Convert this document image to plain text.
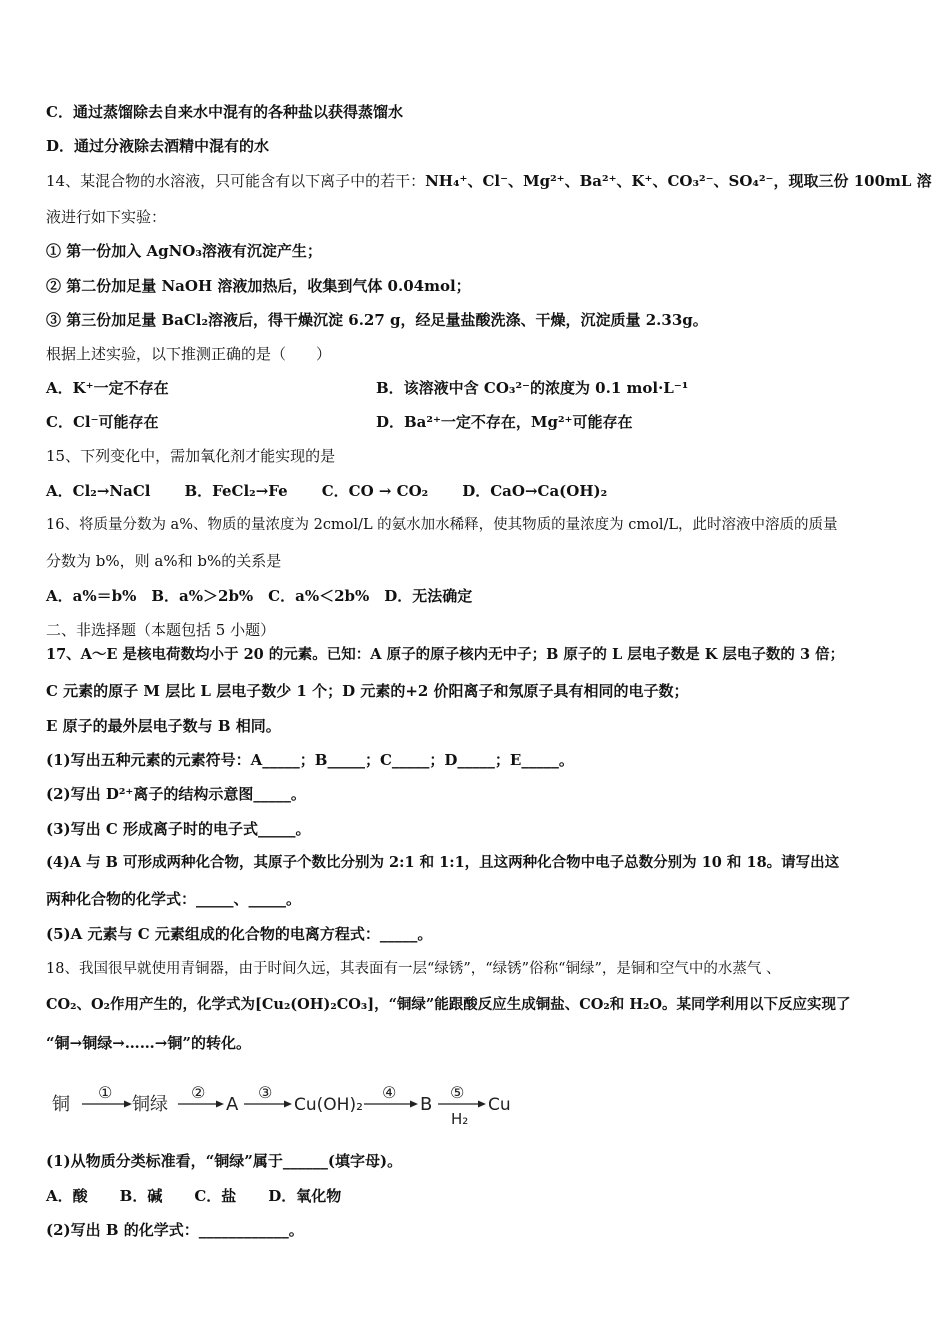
C．通过蒸馏除去自来水中混有的各种盐以获得蒸馏水
D．通过分液除去酒精中混有的水
14、某混合物的水溶液，只可能含有以下离子中的若干：NH₄⁺、Cl⁻、Mg²⁺、Ba²⁺、K⁺、CO₃²⁻、SO₄²⁻，现取三份 100mL 溶
液进行如下实验：
① 第一份加入 AgNO₃溶液有沉淀产生；
② 第二份加足量 NaOH 溶液加热后，收集到气体 0.04mol；
③ 第三份加足量 BaCl₂溶液后，得干燥沉淀 6.27 g，经足量盐酸洗涤、干燥，沉淀质量 2.33g。
根据上述实验，以下推测正确的是（　　）
A．K⁺一定不存在	B．该溶液中含 CO₃²⁻的浓度为 0.1 mol·L⁻¹
C．Cl⁻可能存在	D．Ba²⁺一定不存在，Mg²⁺可能存在
15、下列变化中，需加氧化剂才能实现的是
A．Cl₂→NaCl B．FeCl₂→Fe C．CO → CO₂ D．CaO→Ca(OH)₂
16、将质量分数为 a%、物质的量浓度为 2cmol/L 的氨水加水稀释，使其物质的量浓度为 cmol/L，此时溶液中溶质的质量
分数为 b%，则 a%和 b%的关系是
A．a%＝b%　B．a%＞2b%　C．a%＜2b%　D．无法确定
二、非选择题（本题包括 5 小题）
17、A～E 是核电荷数均小于 20 的元素。已知：A 原子的原子核内无中子；B 原子的 L 层电子数是 K 层电子数的 3 倍；
C 元素的原子 M 层比 L 层电子数少 1 个；D 元素的+2 价阳离子和氖原子具有相同的电子数；
E 原子的最外层电子数与 B 相同。
(1)写出五种元素的元素符号：A_____；B_____；C_____；D_____；E_____。
(2)写出 D²⁺离子的结构示意图_____。
(3)写出 C 形成离子时的电子式_____。
(4)A 与 B 可形成两种化合物，其原子个数比分别为 2:1 和 1:1，且这两种化合物中电子总数分别为 10 和 18。请写出这
两种化合物的化学式：_____、_____。
(5)A 元素与 C 元素组成的化合物的电离方程式：_____。
18、我国很早就使用青铜器，由于时间久远，其表面有一层“绿锈”，“绿锈”俗称“铜绿”，是铜和空气中的水蒸气 、
CO₂、O₂作用产生的，化学式为[Cu₂(OH)₂CO₃]，“铜绿”能跟酸反应生成铜盐、CO₂和 H₂O。某同学利用以下反应实现了
“铜→铜绿→……→铜”的转化。
铜
①
铜绿
②
A
③
Cu(OH)₂
④
B
⑤
H₂
Cu
(1)从物质分类标准看，“铜绿”属于______(填字母)。
A．酸 B．碱 C．盐 D．氧化物
(2)写出 B 的化学式：____________。
